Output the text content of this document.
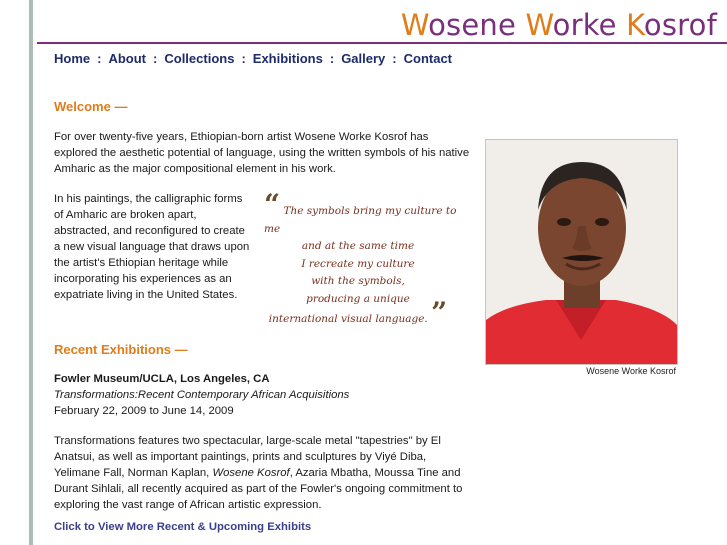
Wosene Worke Kosrof
Home : About : Collections : Exhibitions : Gallery : Contact
Welcome —
For over twenty-five years, Ethiopian-born artist Wosene Worke Kosrof has
explored the aesthetic potential of language, using the written symbols of his native
Amharic as the major compositional element in his work.
In his paintings, the calligraphic forms
of Amharic are broken apart,
abstracted, and reconfigured to create
a new visual language that draws upon
the artist's Ethiopian heritage while
incorporating his experiences as an
expatriate living in the United States.
“ The symbols bring my culture to me
and at the same time
I recreate my culture
with the symbols,
producing a unique
international visual language. ”
Wosene Worke Kosrof
Recent Exhibitions —
Fowler Museum/UCLA, Los Angeles, CA
Transformations:Recent Contemporary African Acquisitions
February 22, 2009 to June 14, 2009
Transformations features two spectacular, large-scale metal "tapestries" by El
Anatsui, as well as important paintings, prints and sculptures by Viyé Diba,
Yelimane Fall, Norman Kaplan, Wosene Kosrof, Azaria Mbatha, Moussa Tine and
Durant Sihlali, all recently acquired as part of the Fowler's ongoing commitment to
exploring the vast range of African artistic expression.
Click to View More Recent & Upcoming Exhibits
